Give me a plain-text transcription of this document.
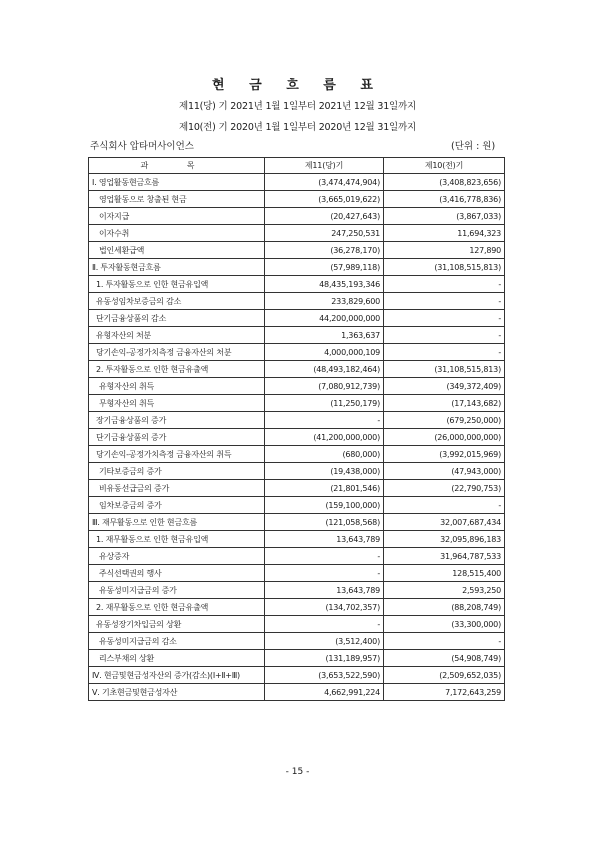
현 금 흐 름 표
제11(당) 기 2021년 1월 1일부터 2021년 12월 31일까지
제10(전) 기 2020년 1월 1일부터 2020년 12월 31일까지
주식회사 압타머사이언스	(단위 : 원)
과 목	제11(당)기	제10(전)기
Ⅰ. 영업활동현금흐름	(3,474,474,904)	(3,408,823,656)
영업활동으로 창출된 현금	(3,665,019,622)	(3,416,778,836)
이자지급	(20,427,643)	(3,867,033)
이자수취	247,250,531	11,694,323
법인세환급액	(36,278,170)	127,890
Ⅱ. 투자활동현금흐름	(57,989,118)	(31,108,515,813)
1. 투자활동으로 인한 현금유입액	48,435,193,346	-
유동성임차보증금의 감소	233,829,600	-
단기금융상품의 감소	44,200,000,000	-
유형자산의 처분	1,363,637	-
당기손익-공정가치측정 금융자산의 처분	4,000,000,109	-
2. 투자활동으로 인한 현금유출액	(48,493,182,464)	(31,108,515,813)
유형자산의 취득	(7,080,912,739)	(349,372,409)
무형자산의 취득	(11,250,179)	(17,143,682)
장기금융상품의 증가	-	(679,250,000)
단기금융상품의 증가	(41,200,000,000)	(26,000,000,000)
당기손익-공정가치측정 금융자산의 취득	(680,000)	(3,992,015,969)
기타보증금의 증가	(19,438,000)	(47,943,000)
비유동선급금의 증가	(21,801,546)	(22,790,753)
임차보증금의 증가	(159,100,000)	-
Ⅲ. 재무활동으로 인한 현금흐름	(121,058,568)	32,007,687,434
1. 재무활동으로 인한 현금유입액	13,643,789	32,095,896,183
유상증자	-	31,964,787,533
주식선택권의 행사	-	128,515,400
유동성미지급금의 증가	13,643,789	2,593,250
2. 재무활동으로 인한 현금유출액	(134,702,357)	(88,208,749)
유동성장기차입금의 상환	-	(33,300,000)
유동성미지급금의 감소	(3,512,400)	-
리스부채의 상환	(131,189,957)	(54,908,749)
Ⅳ. 현금및현금성자산의 증가(감소)(Ⅰ+Ⅱ+Ⅲ)	(3,653,522,590)	(2,509,652,035)
Ⅴ. 기초현금및현금성자산	4,662,991,224	7,172,643,259
- 15 -
